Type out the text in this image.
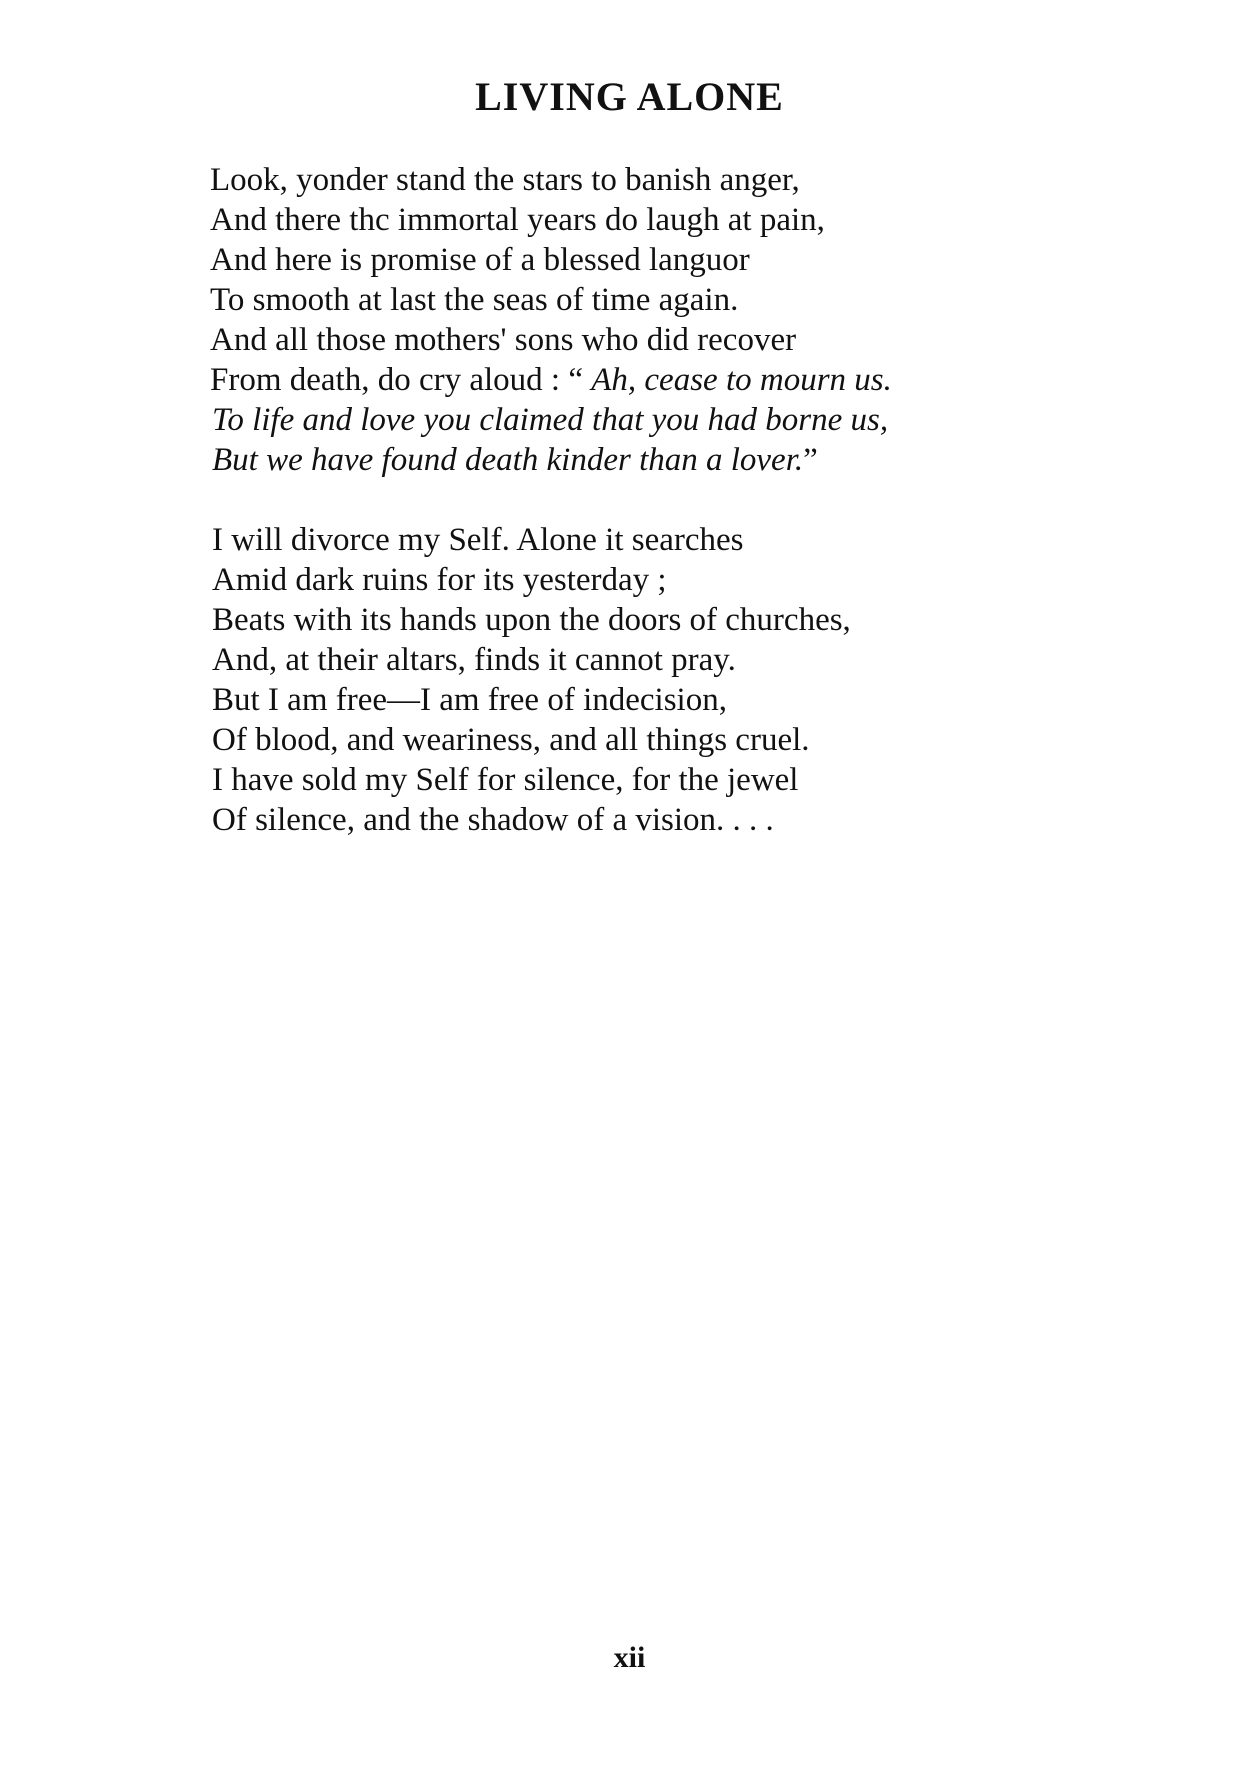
LIVING ALONE
Look, yonder stand the stars to banish anger,
And there thc immortal years do laugh at pain,
And here is promise of a blessed languor
To smooth at last the seas of time again.
And all those mothers' sons who did recover
From death, do cry aloud : “ Ah, cease to mourn us.
To life and love you claimed that you had borne us,
But we have found death kinder than a lover.”
I will divorce my Self. Alone it searches
Amid dark ruins for its yesterday ;
Beats with its hands upon the doors of churches,
And, at their altars, finds it cannot pray.
But I am free—I am free of indecision,
Of blood, and weariness, and all things cruel.
I have sold my Self for silence, for the jewel
Of silence, and the shadow of a vision. . . .
xii
